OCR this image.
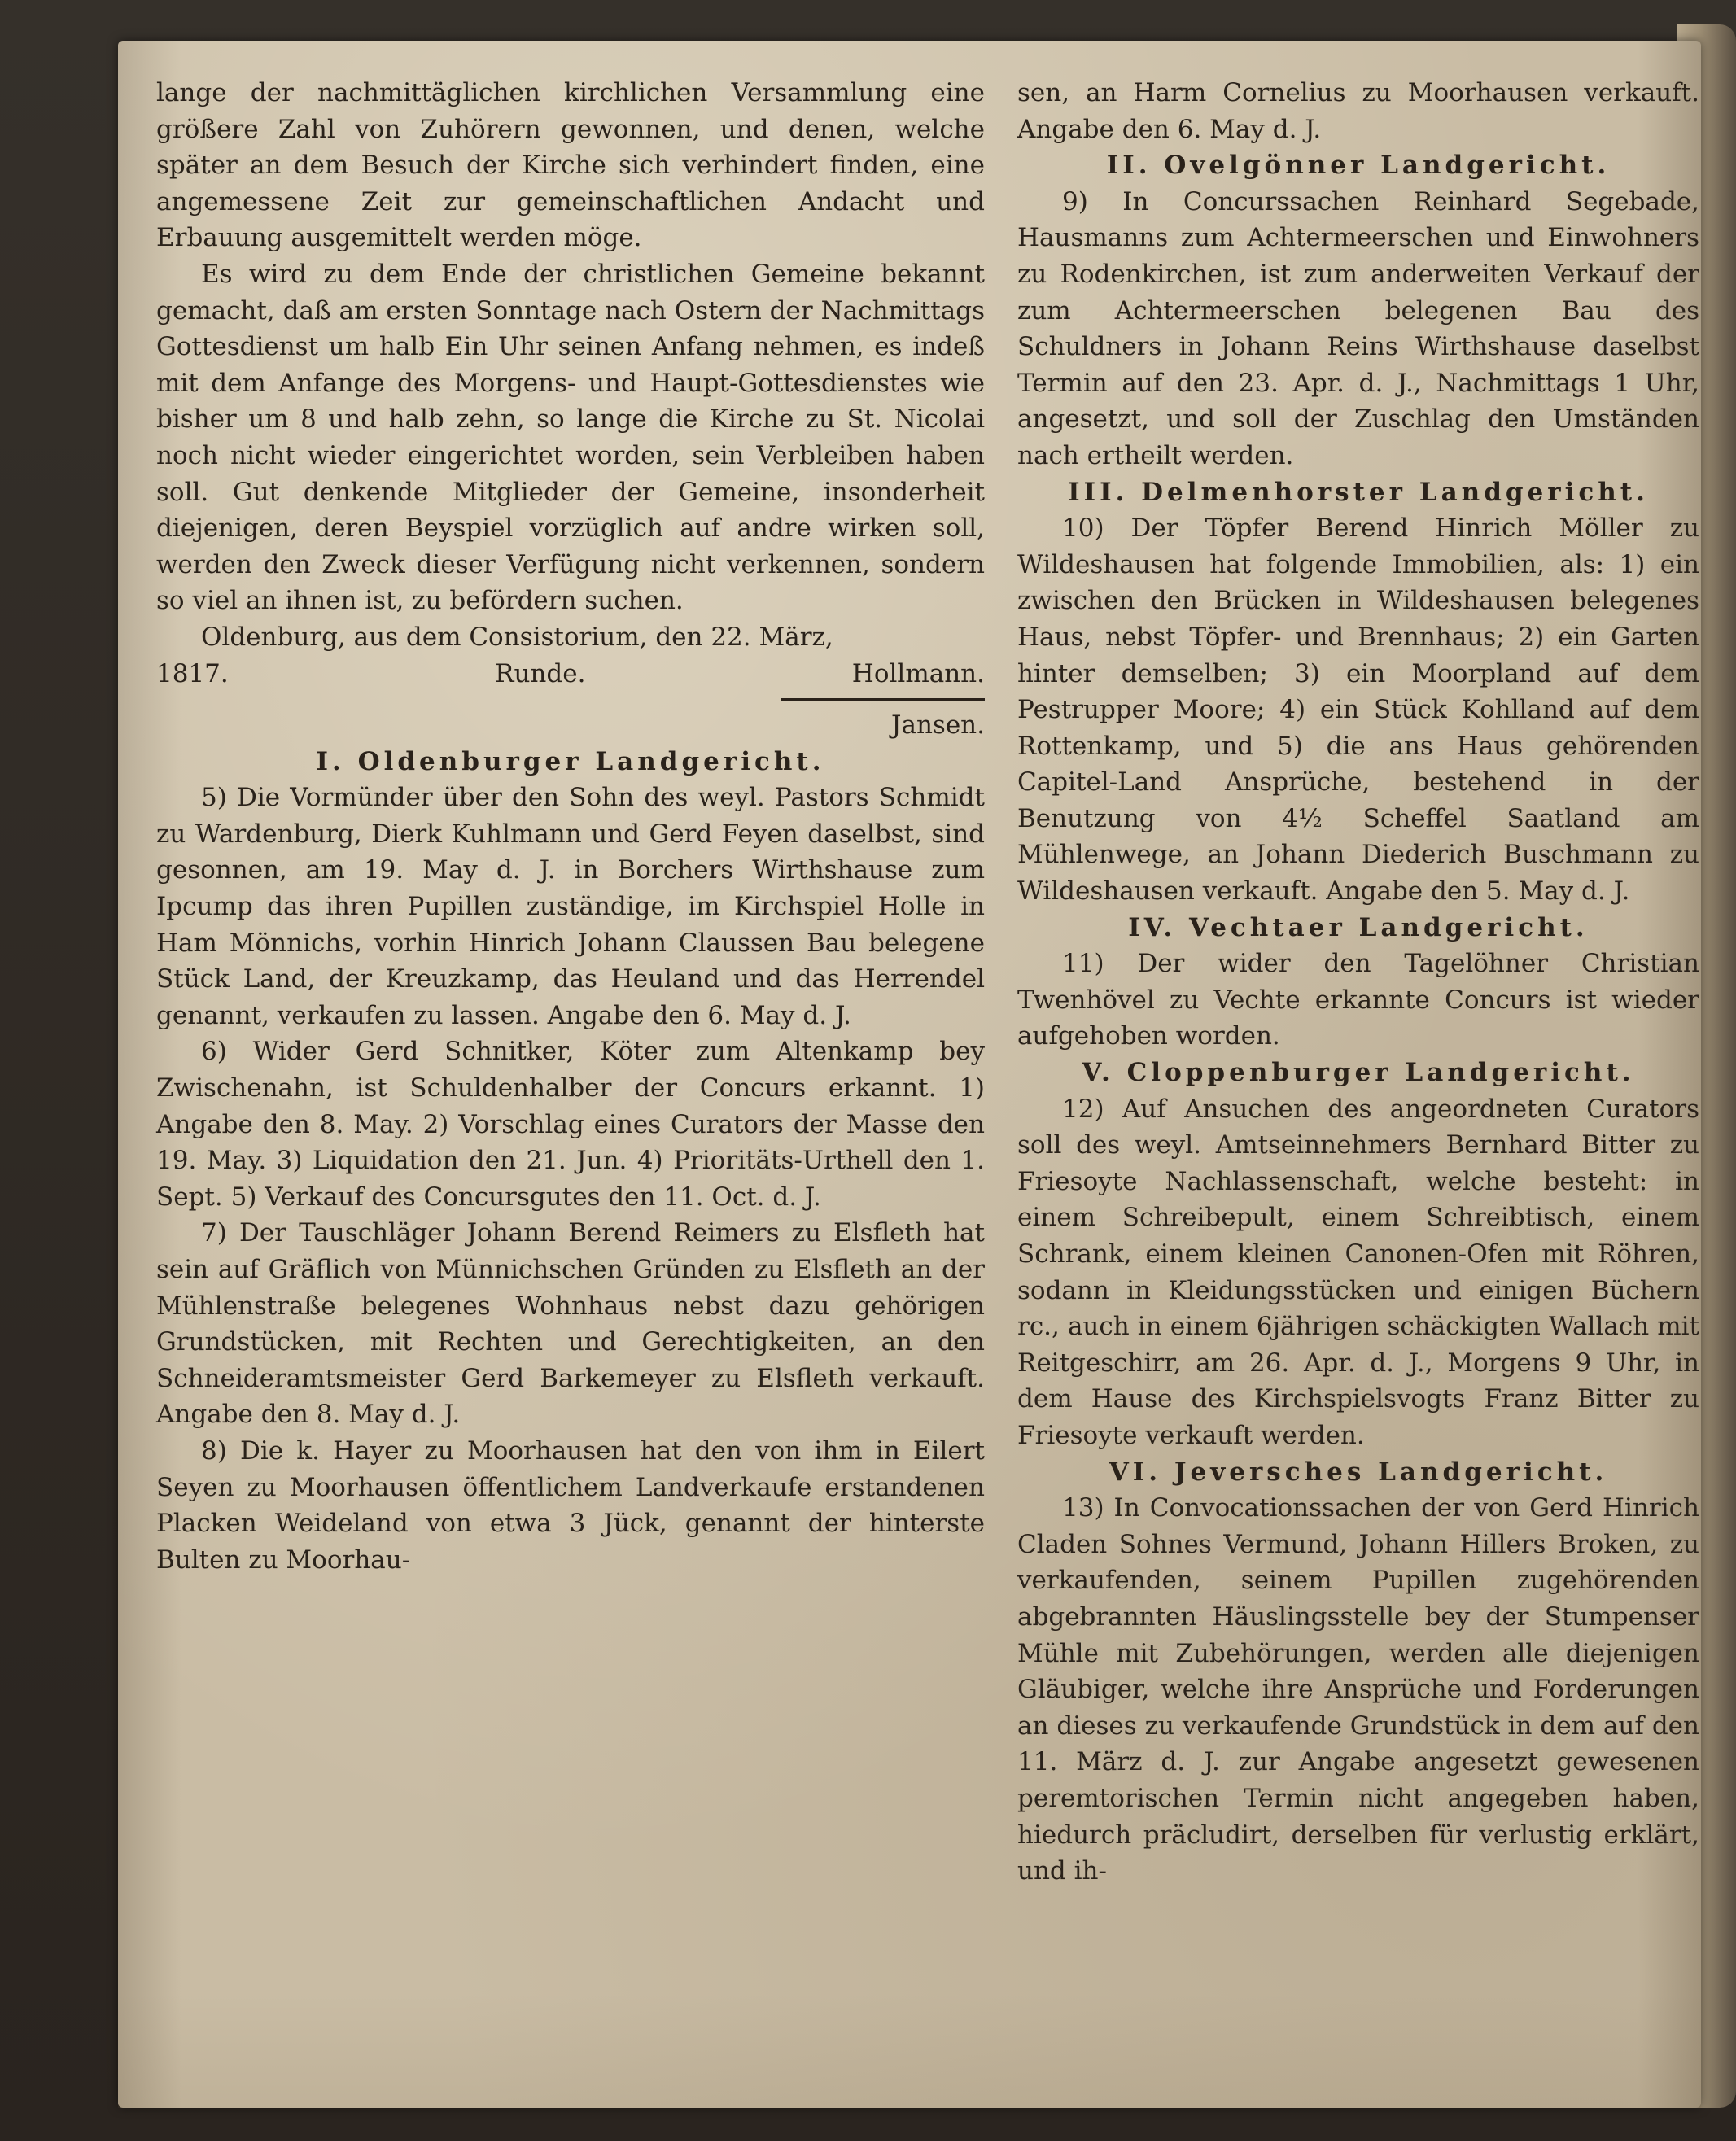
lange der nachmittäglichen kirchlichen Versammlung eine größere Zahl von Zuhörern gewonnen, und denen, welche später an dem Besuch der Kirche sich verhindert finden, eine angemessene Zeit zur gemeinschaftlichen Andacht und Erbauung ausgemittelt werden möge.

Es wird zu dem Ende der christlichen Gemeine bekannt gemacht, daß am ersten Sonntage nach Ostern der Nachmittags Gottesdienst um halb Ein Uhr seinen Anfang nehmen, es indeß mit dem Anfange des Morgens- und Haupt-Gottesdienstes wie bisher um 8 und halb zehn, so lange die Kirche zu St. Nicolai noch nicht wieder eingerichtet worden, sein Verbleiben haben soll. Gut denkende Mitglieder der Gemeine, insonderheit diejenigen, deren Beyspiel vorzüglich auf andre wirken soll, werden den Zweck dieser Verfügung nicht verkennen, sondern so viel an ihnen ist, zu befördern suchen.

Oldenburg, aus dem Consistorium, den 22. März,

1817.	Runde.	Hollmann.

Jansen.

I. Oldenburger Landgericht.

5) Die Vormünder über den Sohn des weyl. Pastors Schmidt zu Wardenburg, Dierk Kuhlmann und Gerd Feyen daselbst, sind gesonnen, am 19. May d. J. in Borchers Wirthshause zum Ipcump das ihren Pupillen zuständige, im Kirchspiel Holle in Ham Mönnichs, vorhin Hinrich Johann Claussen Bau belegene Stück Land, der Kreuzkamp, das Heuland und das Herrendel genannt, verkaufen zu lassen. Angabe den 6. May d. J.

6) Wider Gerd Schnitker, Köter zum Altenkamp bey Zwischenahn, ist Schuldenhalber der Concurs erkannt. 1) Angabe den 8. May. 2) Vorschlag eines Curators der Masse den 19. May. 3) Liquidation den 21. Jun. 4) Prioritäts-Urthell den 1. Sept. 5) Verkauf des Concursgutes den 11. Oct. d. J.

7) Der Tauschläger Johann Berend Reimers zu Elsfleth hat sein auf Gräflich von Münnichschen Gründen zu Elsfleth an der Mühlenstraße belegenes Wohnhaus nebst dazu gehörigen Grundstücken, mit Rechten und Gerechtigkeiten, an den Schneideramtsmeister Gerd Barkemeyer zu Elsfleth verkauft. Angabe den 8. May d. J.

8) Die k. Hayer zu Moorhausen hat den von ihm in Eilert Seyen zu Moorhausen öffentlichem Landverkaufe erstandenen Placken Weideland von etwa 3 Jück, genannt der hinterste Bulten zu Moorhau-

sen, an Harm Cornelius zu Moorhausen verkauft. Angabe den 6. May d. J.

II. Ovelgönner Landgericht.

9) In Concurssachen Reinhard Segebade, Hausmanns zum Achtermeerschen und Einwohners zu Rodenkirchen, ist zum anderweiten Verkauf der zum Achtermeerschen belegenen Bau des Schuldners in Johann Reins Wirthshause daselbst Termin auf den 23. Apr. d. J., Nachmittags 1 Uhr, angesetzt, und soll der Zuschlag den Umständen nach ertheilt werden.

III. Delmenhorster Landgericht.

10) Der Töpfer Berend Hinrich Möller zu Wildeshausen hat folgende Immobilien, als: 1) ein zwischen den Brücken in Wildeshausen belegenes Haus, nebst Töpfer- und Brennhaus; 2) ein Garten hinter demselben; 3) ein Moorpland auf dem Pestrupper Moore; 4) ein Stück Kohlland auf dem Rottenkamp, und 5) die ans Haus gehörenden Capitel-Land Ansprüche, bestehend in der Benutzung von 4½ Scheffel Saatland am Mühlenwege, an Johann Diederich Buschmann zu Wildeshausen verkauft. Angabe den 5. May d. J.

IV. Vechtaer Landgericht.

11) Der wider den Tagelöhner Christian Twenhövel zu Vechte erkannte Concurs ist wieder aufgehoben worden.

V. Cloppenburger Landgericht.

12) Auf Ansuchen des angeordneten Curators soll des weyl. Amtseinnehmers Bernhard Bitter zu Friesoyte Nachlassenschaft, welche besteht: in einem Schreibepult, einem Schreibtisch, einem Schrank, einem kleinen Canonen-Ofen mit Röhren, sodann in Kleidungsstücken und einigen Büchern rc., auch in einem 6jährigen schäckigten Wallach mit Reitgeschirr, am 26. Apr. d. J., Morgens 9 Uhr, in dem Hause des Kirchspielsvogts Franz Bitter zu Friesoyte verkauft werden.

VI. Jeversches Landgericht.

13) In Convocationssachen der von Gerd Hinrich Claden Sohnes Vermund, Johann Hillers Broken, zu verkaufenden, seinem Pupillen zugehörenden abgebrannten Häuslingsstelle bey der Stumpenser Mühle mit Zubehörungen, werden alle diejenigen Gläubiger, welche ihre Ansprüche und Forderungen an dieses zu verkaufende Grundstück in dem auf den 11. März d. J. zur Angabe angesetzt gewesenen peremtorischen Termin nicht angegeben haben, hiedurch präcludirt, derselben für verlustig erklärt, und ih-
